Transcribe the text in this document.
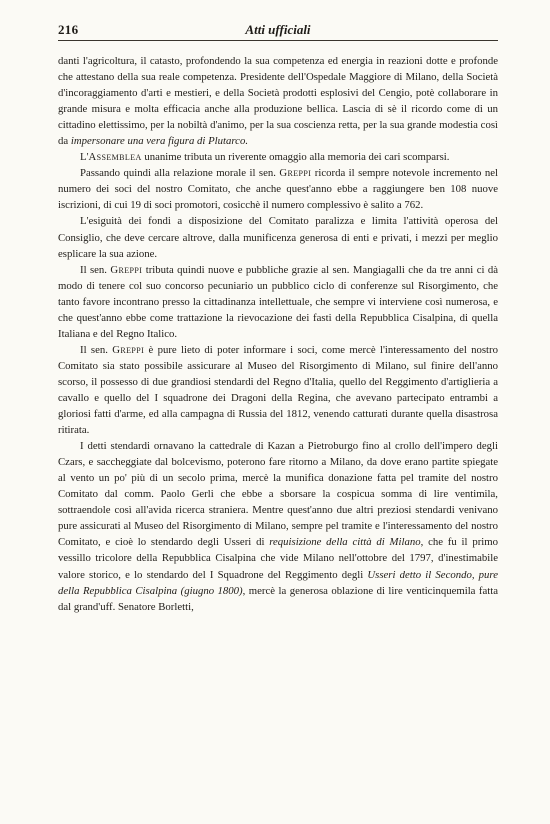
216	Atti ufficiali

danti l'agricoltura, il catasto, profondendo la sua competenza ed energia in reazioni dotte e profonde che attestano della sua reale competenza. Presidente dell'Ospedale Maggiore di Milano, della Società d'incoraggiamento d'arti e mestieri, e della Società prodotti esplosivi del Cengio, potè collaborare in grande misura e molta efficacia anche alla produzione bellica. Lascia di sè il ricordo come di un cittadino elettissimo, per la nobiltà d'animo, per la sua coscienza retta, per la sua grande modestia così da impersonare una vera figura di Plutarco.

L'Assemblea unanime tributa un riverente omaggio alla memoria dei cari scomparsi.

Passando quindi alla relazione morale il sen. Greppi ricorda il sempre notevole incremento nel numero dei soci del nostro Comitato, che anche quest'anno ebbe a raggiungere ben 108 nuove iscrizioni, di cui 19 di soci promotori, cosicchè il numero complessivo è salito a 762.

L'esiguità dei fondi a disposizione del Comitato paralizza e limita l'attività operosa del Consiglio, che deve cercare altrove, dalla munificenza generosa di enti e privati, i mezzi per meglio esplicare la sua azione.

Il sen. Greppi tributa quindi nuove e pubbliche grazie al sen. Mangiagalli che da tre anni ci dà modo di tenere col suo concorso pecuniario un pubblico ciclo di conferenze sul Risorgimento, che tanto favore incontrano presso la cittadinanza intellettuale, che sempre vi interviene così numerosa, e che quest'anno ebbe come trattazione la rievocazione dei fasti della Repubblica Cisalpina, di quella Italiana e del Regno Italico.

Il sen. Greppi è pure lieto di poter informare i soci, come mercè l'interessamento del nostro Comitato sia stato possibile assicurare al Museo del Risorgimento di Milano, sul finire dell'anno scorso, il possesso di due grandiosi stendardi del Regno d'Italia, quello del Reggimento d'artiglieria a cavallo e quello del I squadrone dei Dragoni della Regina, che avevano partecipato entrambi a gloriosi fatti d'arme, ed alla campagna di Russia del 1812, venendo catturati durante quella disastrosa ritirata.

I detti stendardi ornavano la cattedrale di Kazan a Pietroburgo fino al crollo dell'impero degli Czars, e saccheggiate dal bolcevismo, poterono fare ritorno a Milano, da dove erano partite spiegate al vento un po' più di un secolo prima, mercè la munifica donazione fatta pel tramite del nostro Comitato dal comm. Paolo Gerli che ebbe a sborsare la cospicua somma di lire ventimila, sottraendole così all'avida ricerca straniera. Mentre quest'anno due altri preziosi stendardi venivano pure assicurati al Museo del Risorgimento di Milano, sempre pel tramite e l'interessamento del nostro Comitato, e cioè lo stendardo degli Usseri di requisizione della città di Milano, che fu il primo vessillo tricolore della Repubblica Cisalpina che vide Milano nell'ottobre del 1797, d'inestimabile valore storico, e lo stendardo del I Squadrone del Reggimento degli Usseri detto il Secondo, pure della Repubblica Cisalpina (giugno 1800), mercè la generosa oblazione di lire venticinquemila fatta dal grand'uff. Senatore Borletti,
